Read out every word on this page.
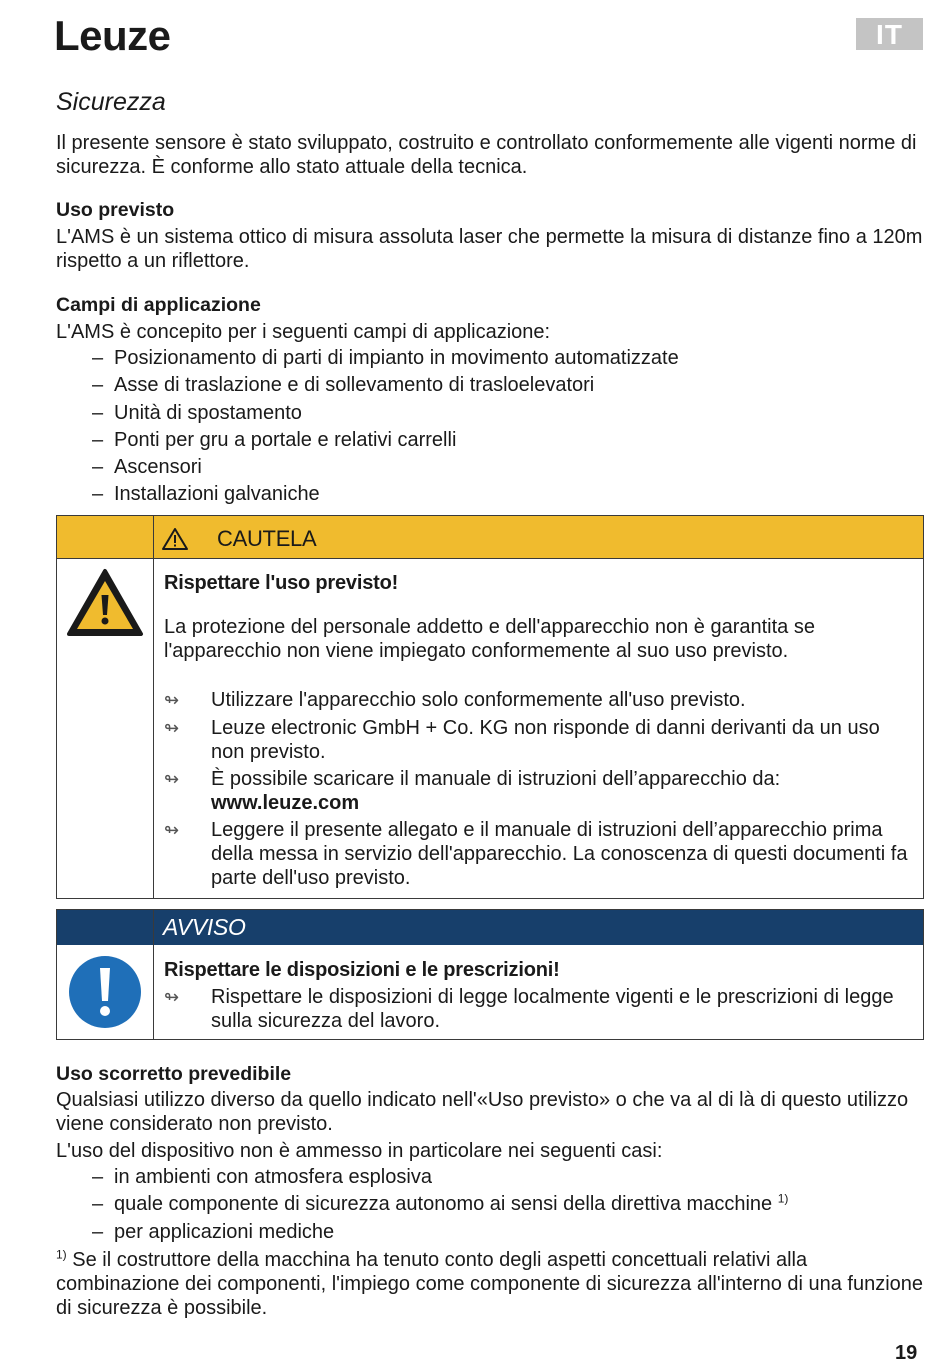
Leuze	IT
Sicurezza
Il presente sensore è stato sviluppato, costruito e controllato conformemente alle vigenti norme di sicurezza. È conforme allo stato attuale della tecnica.
Uso previsto
L'AMS è un sistema ottico di misura assoluta laser che permette la misura di distanze fino a 120m rispetto a un riflettore.
Campi di applicazione
L'AMS è concepito per i seguenti campi di applicazione:
– Posizionamento di parti di impianto in movimento automatizzate
– Asse di traslazione e di sollevamento di trasloelevatori
– Unità di spostamento
– Ponti per gru a portale e relativi carrelli
– Ascensori
– Installazioni galvaniche
CAUTELA
Rispettare l'uso previsto!
La protezione del personale addetto e dell'apparecchio non è garantita se l'apparecchio non viene impiegato conformemente al suo uso previsto.
↬	Utilizzare l'apparecchio solo conformemente all'uso previsto.
↬	Leuze electronic GmbH + Co. KG non risponde di danni derivanti da un uso non previsto.
↬	È possibile scaricare il manuale di istruzioni dell’apparecchio da:
www.leuze.com
↬	Leggere il presente allegato e il manuale di istruzioni dell’apparecchio prima della messa in servizio dell'apparecchio. La conoscenza di questi documenti fa parte dell'uso previsto.
AVVISO
Rispettare le disposizioni e le prescrizioni!
↬	Rispettare le disposizioni di legge localmente vigenti e le prescrizioni di legge sulla sicurezza del lavoro.
Uso scorretto prevedibile
Qualsiasi utilizzo diverso da quello indicato nell'«Uso previsto» o che va al di là di questo utilizzo viene considerato non previsto.
L'uso del dispositivo non è ammesso in particolare nei seguenti casi:
– in ambienti con atmosfera esplosiva
– quale componente di sicurezza autonomo ai sensi della direttiva macchine $^{1)}$
– per applicazioni mediche
$^{1)}$ Se il costruttore della macchina ha tenuto conto degli aspetti concettuali relativi alla combinazione dei componenti, l'impiego come componente di sicurezza all'interno di una funzione di sicurezza è possibile.
19
